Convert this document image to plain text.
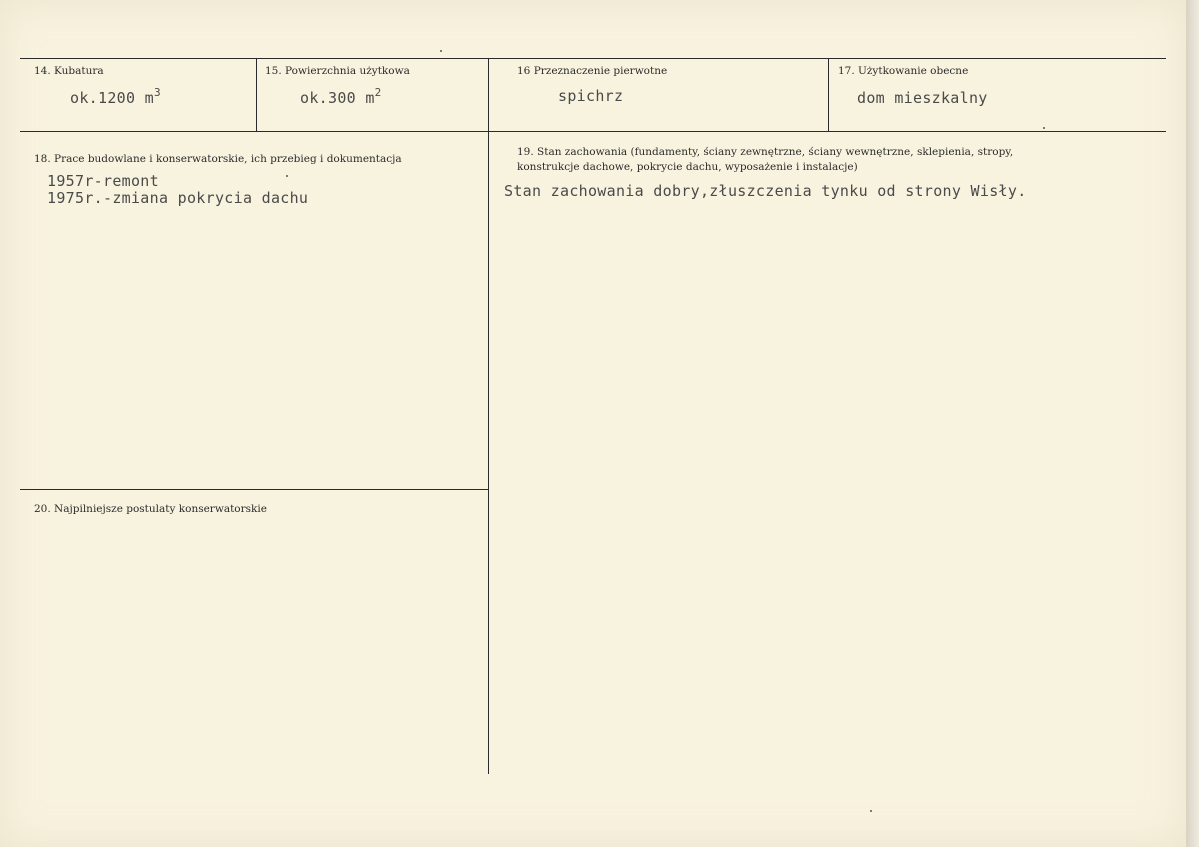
14. Kubatura
ok.1200 $m^3$
15. Powierzchnia użytkowa
ok.300 $m^2$
16 Przeznaczenie pierwotne
spichrz
17. Użytkowanie obecne
dom mieszkalny
18. Prace budowlane i konserwatorskie, ich przebieg i dokumentacja
1957r-remont
1975r.-zmiana pokrycia dachu
19. Stan zachowania (fundamenty, ściany zewnętrzne, ściany wewnętrzne, sklepienia, stropy, konstrukcje dachowe, pokrycie dachu, wyposażenie i instalacje)
Stan zachowania dobry,złuszczenia tynku od strony Wisły.
20. Najpilniejsze postulaty konserwatorskie
